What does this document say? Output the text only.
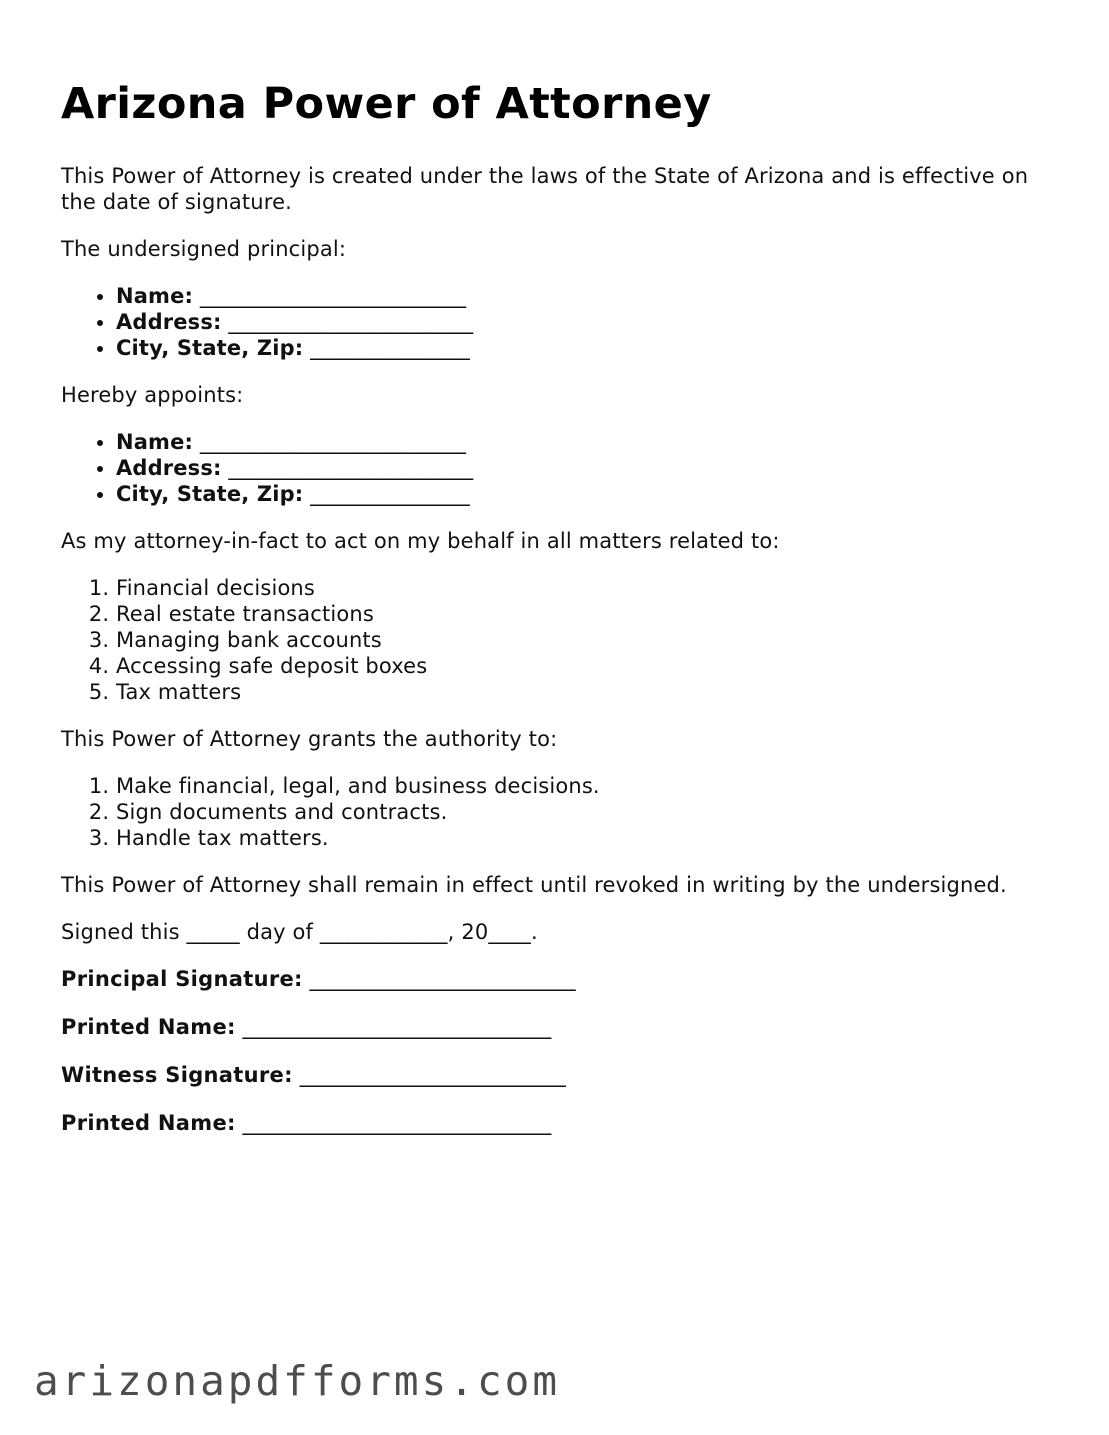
Arizona Power of Attorney

This Power of Attorney is created under the laws of the State of Arizona and is effective on the date of signature.

The undersigned principal:

• Name: _________________________
• Address: _______________________
• City, State, Zip: _______________

Hereby appoints:

• Name: _________________________
• Address: _______________________
• City, State, Zip: _______________

As my attorney-in-fact to act on my behalf in all matters related to:

1. Financial decisions
2. Real estate transactions
3. Managing bank accounts
4. Accessing safe deposit boxes
5. Tax matters

This Power of Attorney grants the authority to:

1. Make financial, legal, and business decisions.
2. Sign documents and contracts.
3. Handle tax matters.

This Power of Attorney shall remain in effect until revoked in writing by the undersigned.

Signed this _____ day of ____________, 20____.

Principal Signature: _________________________
Printed Name: _____________________________
Witness Signature: _________________________
Printed Name: _____________________________
arizonapdfforms.com
